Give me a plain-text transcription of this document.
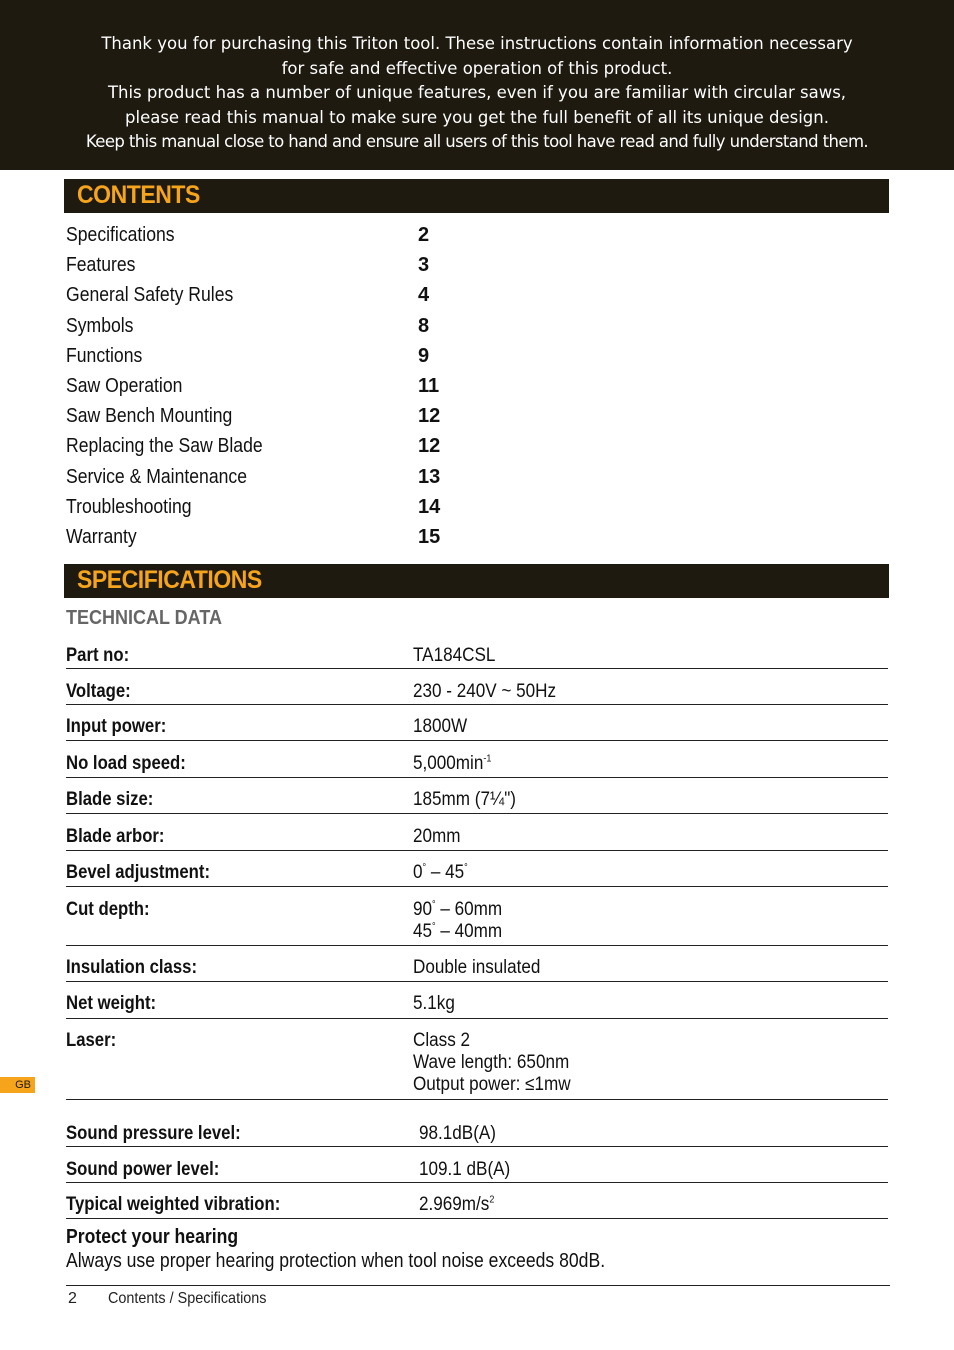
Thank you for purchasing this Triton tool. These instructions contain information necessary
for safe and effective operation of this product.
This product has a number of unique features, even if you are familiar with circular saws,
please read this manual to make sure you get the full benefit of all its unique design.
Keep this manual close to hand and ensure all users of this tool have read and fully understand them.
CONTENTS
Specifications	2
Features	3
General Safety Rules	4
Symbols	8
Functions	9
Saw Operation	11
Saw Bench Mounting	12
Replacing the Saw Blade	12
Service & Maintenance	13
Troubleshooting	14
Warranty	15
SPECIFICATIONS
TECHNICAL DATA
Part no:	TA184CSL
Voltage:	230 - 240V ~ 50Hz
Input power:	1800W
No load speed:	$5,000\min^{-1}$
Blade size:	185mm (7¼")
Blade arbor:	20mm
Bevel adjustment:	0° – 45°
Cut depth:	90° – 60mm
45° – 40mm
Insulation class:	Double insulated
Net weight:	5.1kg
Laser:	Class 2
Wave length: 650nm
Output power: ≤1mw
Sound pressure level:	98.1dB(A)
Sound power level:	109.1 dB(A)
Typical weighted vibration:	$2.969m/s^2$
Protect your hearing
Always use proper hearing protection when tool noise exceeds 80dB.
GB
2 Contents / Specifications
